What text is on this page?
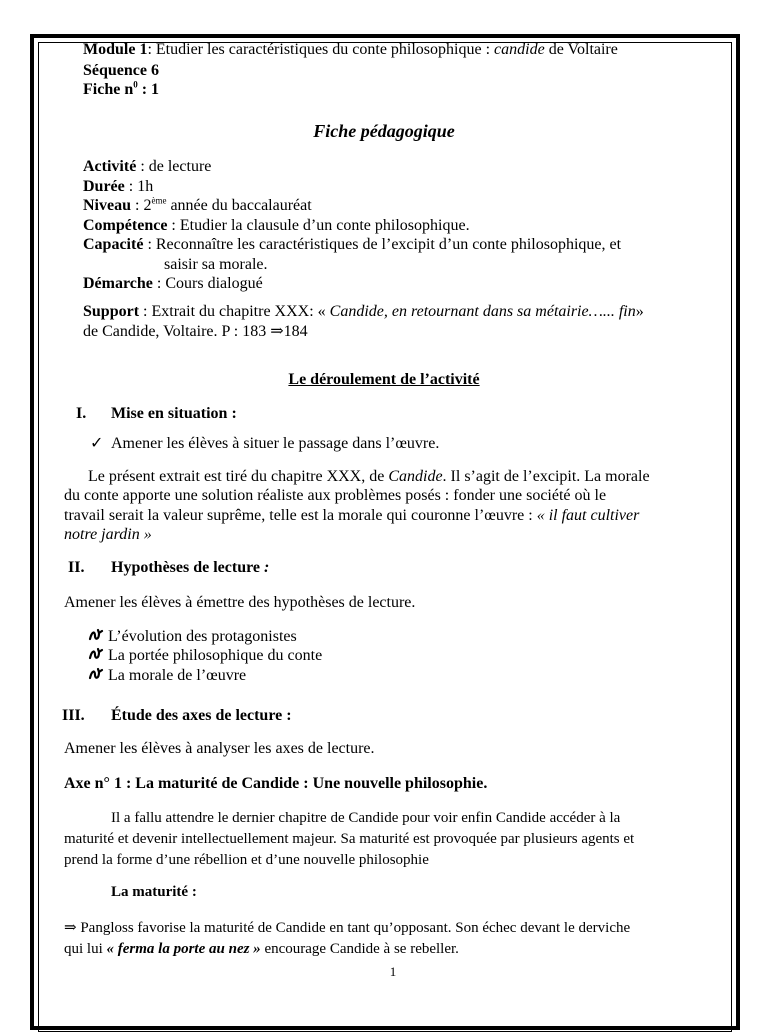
Module 1: Etudier les caractéristiques du conte philosophique : candide de Voltaire
Séquence 6
Fiche $n^0$ : 1
Fiche pédagogique
Activité : de lecture
Durée : 1h
Niveau : 2ème année du baccalauréat
Compétence : Etudier la clausule d’un conte philosophique.
Capacité : Reconnaître les caractéristiques de l’excipit d’un conte philosophique, et
saisir sa morale.
Démarche : Cours dialogué
Support : Extrait du chapitre XXX: « Candide, en retournant dans sa métairie…... fin»
de Candide, Voltaire. P : 183 ⇒184
Le déroulement de l’activité
I. Mise en situation :
✓ Amener les élèves à situer le passage dans l’œuvre.
Le présent extrait est tiré du chapitre XXX, de Candide. Il s’agit de l’excipit. La morale
du conte apporte une solution réaliste aux problèmes posés : fonder une société où le
travail serait la valeur suprême, telle est la morale qui couronne l’œuvre : « il faut cultiver
notre jardin »
II. Hypothèses de lecture :
Amener les élèves à émettre des hypothèses de lecture.
L’évolution des protagonistes
La portée philosophique du conte
La morale de l’œuvre
III. Étude des axes de lecture :
Amener les élèves à analyser les axes de lecture.
Axe n° 1 : La maturité de Candide : Une nouvelle philosophie.
Il a fallu attendre le dernier chapitre de Candide pour voir enfin Candide accéder à la
maturité et devenir intellectuellement majeur. Sa maturité est provoquée par plusieurs agents et
prend la forme d’une rébellion et d’une nouvelle philosophie
La maturité :
⇒ Pangloss favorise la maturité de Candide en tant qu’opposant. Son échec devant le derviche
qui lui « ferma la porte au nez » encourage Candide à se rebeller.
1
